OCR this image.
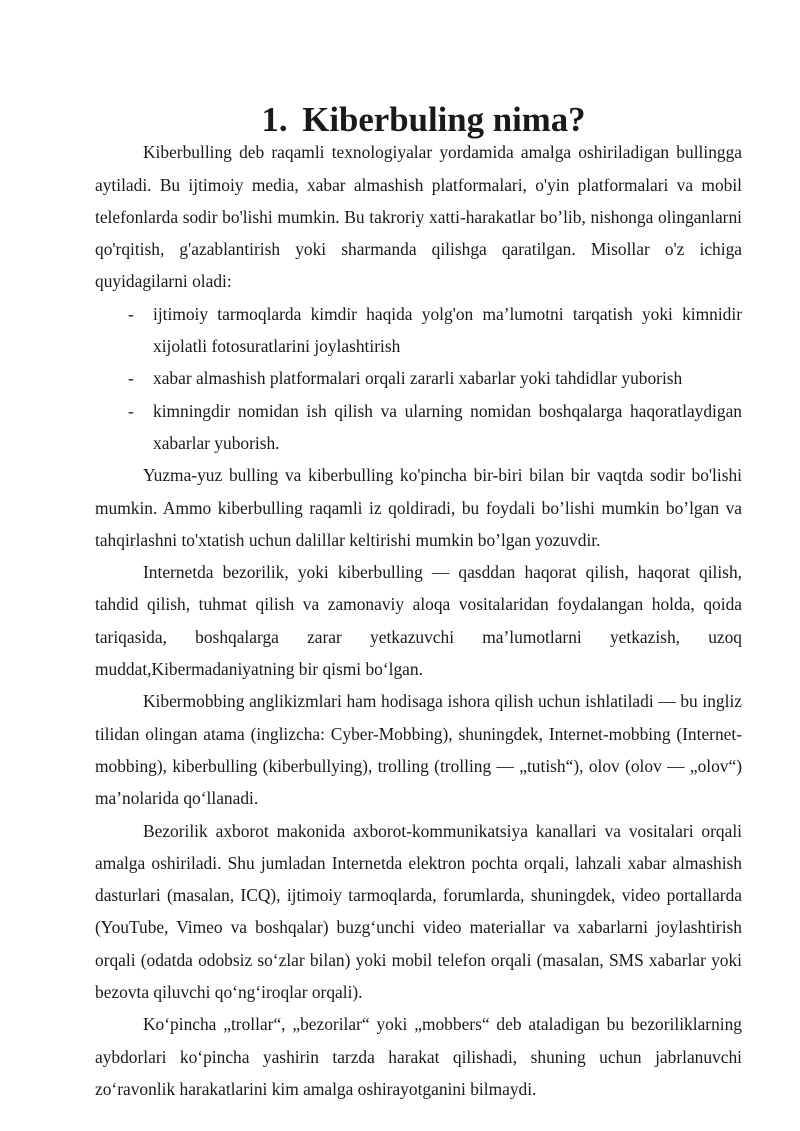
1. Kiberbuling nima?

Kiberbulling deb raqamli texnologiyalar yordamida amalga oshiriladigan bullingga aytiladi. Bu ijtimoiy media, xabar almashish platformalari, o'yin platformalari va mobil telefonlarda sodir bo'lishi mumkin. Bu takroriy xatti-harakatlar bo’lib, nishonga olinganlarni qo'rqitish, g'azablantirish yoki sharmanda qilishga qaratilgan. Misollar o'z ichiga quyidagilarni oladi:

- ijtimoiy tarmoqlarda kimdir haqida yolg'on ma’lumotni tarqatish yoki kimnidir xijolatli fotosuratlarini joylashtirish
- xabar almashish platformalari orqali zararli xabarlar yoki tahdidlar yuborish
- kimningdir nomidan ish qilish va ularning nomidan boshqalarga haqoratlaydigan xabarlar yuborish.

Yuzma-yuz bulling va kiberbulling ko'pincha bir-biri bilan bir vaqtda sodir bo'lishi mumkin. Ammo kiberbulling raqamli iz qoldiradi, bu foydali bo’lishi mumkin bo’lgan va tahqirlashni to'xtatish uchun dalillar keltirishi mumkin bo’lgan yozuvdir.

Internetda bezorilik, yoki kiberbulling — qasddan haqorat qilish, haqorat qilish, tahdid qilish, tuhmat qilish va zamonaviy aloqa vositalaridan foydalangan holda, qoida tariqasida, boshqalarga zarar yetkazuvchi ma’lumotlarni yetkazish, uzoq muddat,Kibermadaniyatning bir qismi bo‘lgan.

Kibermobbing anglikizmlari ham hodisaga ishora qilish uchun ishlatiladi — bu ingliz tilidan olingan atama (inglizcha: Cyber-Mobbing), shuningdek, Internet-mobbing (Internet-mobbing), kiberbulling (kiberbullying), trolling (trolling — „tutish“), olov (olov — „olov“) ma’nolarida qo‘llanadi.

Bezorilik axborot makonida axborot-kommunikatsiya kanallari va vositalari orqali amalga oshiriladi. Shu jumladan Internetda elektron pochta orqali, lahzali xabar almashish dasturlari (masalan, ICQ), ijtimoiy tarmoqlarda, forumlarda, shuningdek, video portallarda (YouTube, Vimeo va boshqalar) buzg‘unchi video materiallar va xabarlarni joylashtirish orqali (odatda odobsiz so‘zlar bilan) yoki mobil telefon orqali (masalan, SMS xabarlar yoki bezovta qiluvchi qo‘ng‘iroqlar orqali).

Ko‘pincha „trollar“, „bezorilar“ yoki „mobbers“ deb ataladigan bu bezoriliklarning aybdorlari ko‘pincha yashirin tarzda harakat qilishadi, shuning uchun jabrlanuvchi zo‘ravonlik harakatlarini kim amalga oshirayotganini bilmaydi.
